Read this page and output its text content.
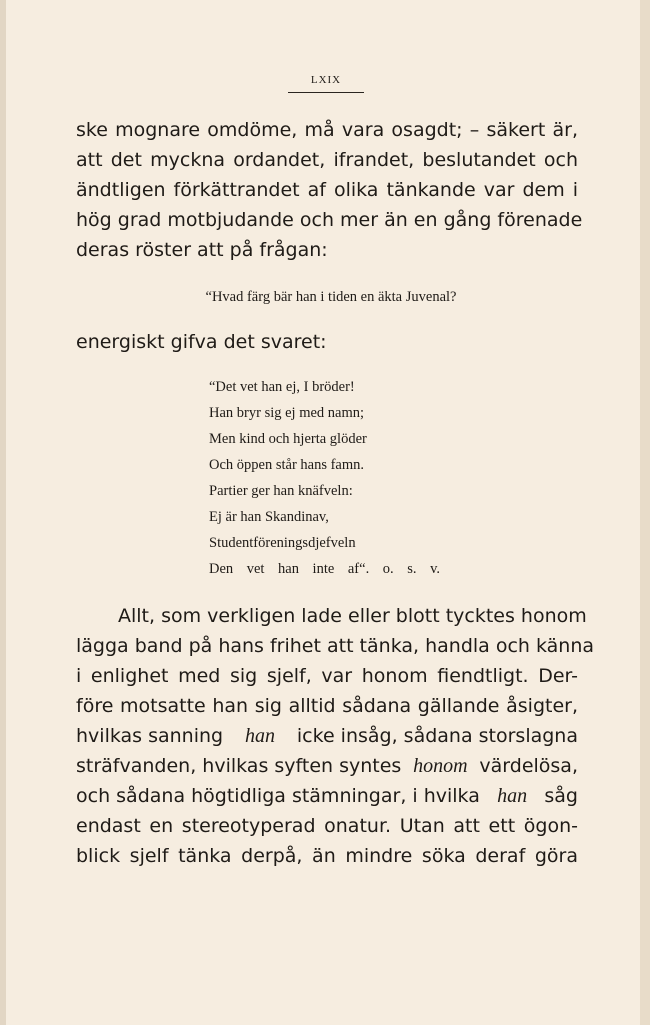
LXIX
ske mognare omdöme, må vara osagdt; – säkert är,
att det myckna ordandet, ifrandet, beslutandet och
ändtligen förkättrandet af olika tänkande var dem i
hög grad motbjudande och mer än en gång förenade
deras röster att på frågan:
“Hvad färg bär han i tiden en äkta Juvenal?
energiskt gifva det svaret:
“Det vet han ej, I bröder!
Han bryr sig ej med namn;
Men kind och hjerta glöder
Och öppen står hans famn.
Partier ger han knäfveln:
Ej är han Skandinav,
Studentföreningsdjefveln
Den vet han inte af“. o. s. v.
Allt, som verkligen lade eller blott tycktes honom
lägga band på hans frihet att tänka, handla och känna
i enlighet med sig sjelf, var honom fiendtligt. Der-
före motsatte han sig alltid sådana gällande åsigter,
hvilkas sanning han icke insåg, sådana storslagna
sträfvanden, hvilkas syften syntes honom värdelösa,
och sådana högtidliga stämningar, i hvilka han såg
endast en stereotyperad onatur. Utan att ett ögon-
blick sjelf tänka derpå, än mindre söka deraf göra
